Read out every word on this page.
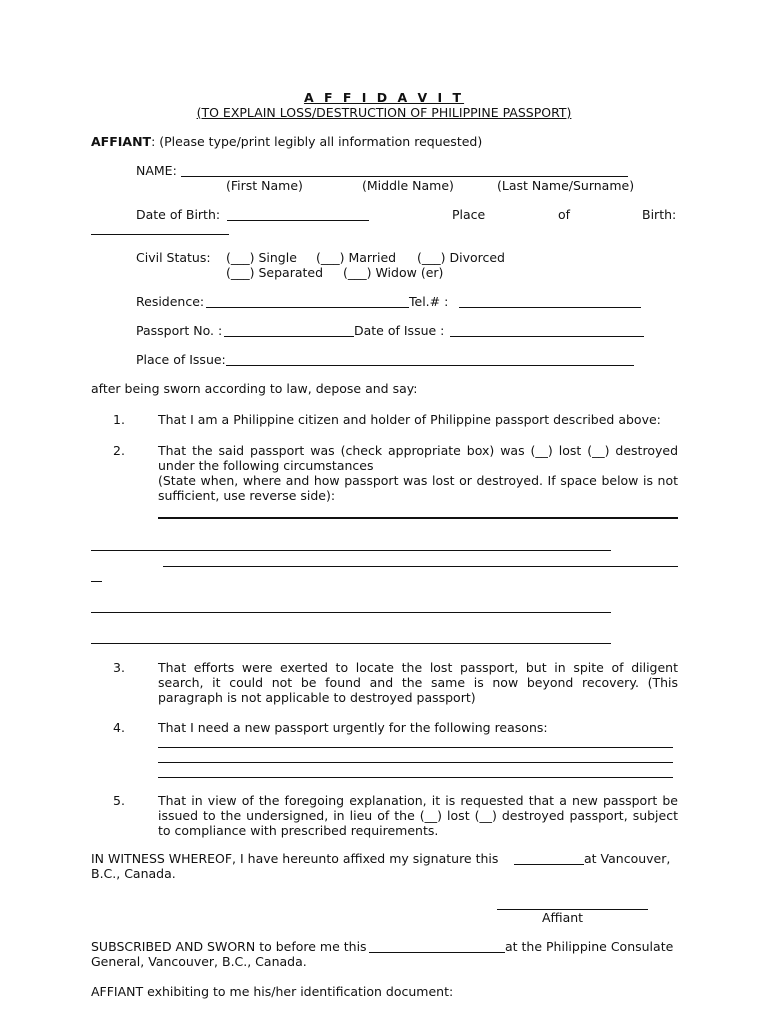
A F F I D A V I T
(TO EXPLAIN LOSS/DESTRUCTION OF PHILIPPINE PASSPORT)
AFFIANT: (Please type/print legibly all information requested)
NAME:
(First Name)	(Middle Name)	(Last Name/Surname)
Date of Birth:	Place	of	Birth:
Civil Status: (___) Single (___) Married (___) Divorced
(___) Separated (___) Widow (er)
Residence:	Tel.# :
Passport No. :	Date of Issue :
Place of Issue:
after being sworn according to law, depose and say:
1.	That I am a Philippine citizen and holder of Philippine passport described above:
2.	That the said passport was (check appropriate box) was (__) lost (__) destroyed
under the following circumstances
(State when, where and how passport was lost or destroyed. If space below is not
sufficient, use reverse side):
3.	That efforts were exerted to locate the lost passport, but in spite of diligent
search, it could not be found and the same is now beyond recovery. (This
paragraph is not applicable to destroyed passport)
4.	That I need a new passport urgently for the following reasons:
5.	That in view of the foregoing explanation, it is requested that a new passport be
issued to the undersigned, in lieu of the (__) lost (__) destroyed passport, subject
to compliance with prescribed requirements.
IN WITNESS WHEREOF, I have hereunto affixed my signature this	at Vancouver,
B.C., Canada.
Affiant
SUBSCRIBED AND SWORN to before me this	at the Philippine Consulate
General, Vancouver, B.C., Canada.
AFFIANT exhibiting to me his/her identification document:
